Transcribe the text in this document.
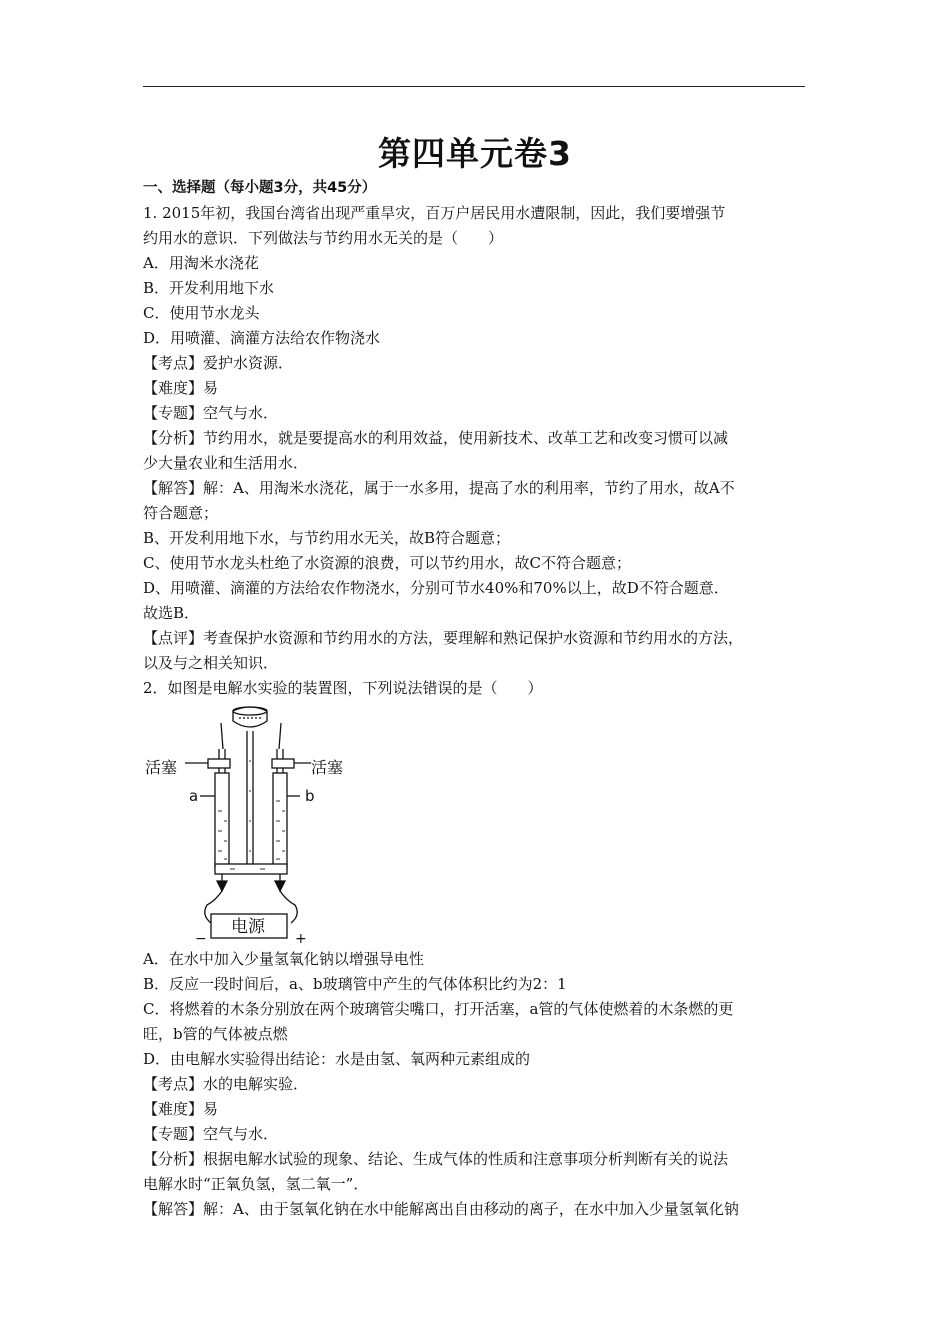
第四单元卷3
一、选择题（每小题3分，共45分）
1. 2015年初，我国台湾省出现严重旱灾，百万户居民用水遭限制，因此，我们要增强节
约用水的意识．下列做法与节约用水无关的是（　　）
A．用淘米水浇花
B．开发利用地下水
C．使用节水龙头
D．用喷灌、滴灌方法给农作物浇水
【考点】爱护水资源．
【难度】易
【专题】空气与水．
【分析】节约用水，就是要提高水的利用效益，使用新技术、改革工艺和改变习惯可以减
少大量农业和生活用水．
【解答】解：A、用淘米水浇花，属于一水多用，提高了水的利用率，节约了用水，故A不
符合题意；
B、开发利用地下水，与节约用水无关，故B符合题意；
C、使用节水龙头杜绝了水资源的浪费，可以节约用水，故C不符合题意；
D、用喷灌、滴灌的方法给农作物浇水，分别可节水40%和70%以上，故D不符合题意．
故选B．
【点评】考查保护水资源和节约用水的方法，要理解和熟记保护水资源和节约用水的方法，
以及与之相关知识．
2．如图是电解水实验的装置图，下列说法错误的是（　　）
活塞	活塞
a	b
电源
−	+
A．在水中加入少量氢氧化钠以增强导电性
B．反应一段时间后，a、b玻璃管中产生的气体体积比约为2：1
C．将燃着的木条分别放在两个玻璃管尖嘴口，打开活塞，a管的气体使燃着的木条燃的更
旺，b管的气体被点燃
D．由电解水实验得出结论：水是由氢、氧两种元素组成的
【考点】水的电解实验．
【难度】易
【专题】空气与水．
【分析】根据电解水试验的现象、结论、生成气体的性质和注意事项分析判断有关的说法
电解水时“正氧负氢，氢二氧一”．
【解答】解：A、由于氢氧化钠在水中能解离出自由移动的离子，在水中加入少量氢氧化钠
